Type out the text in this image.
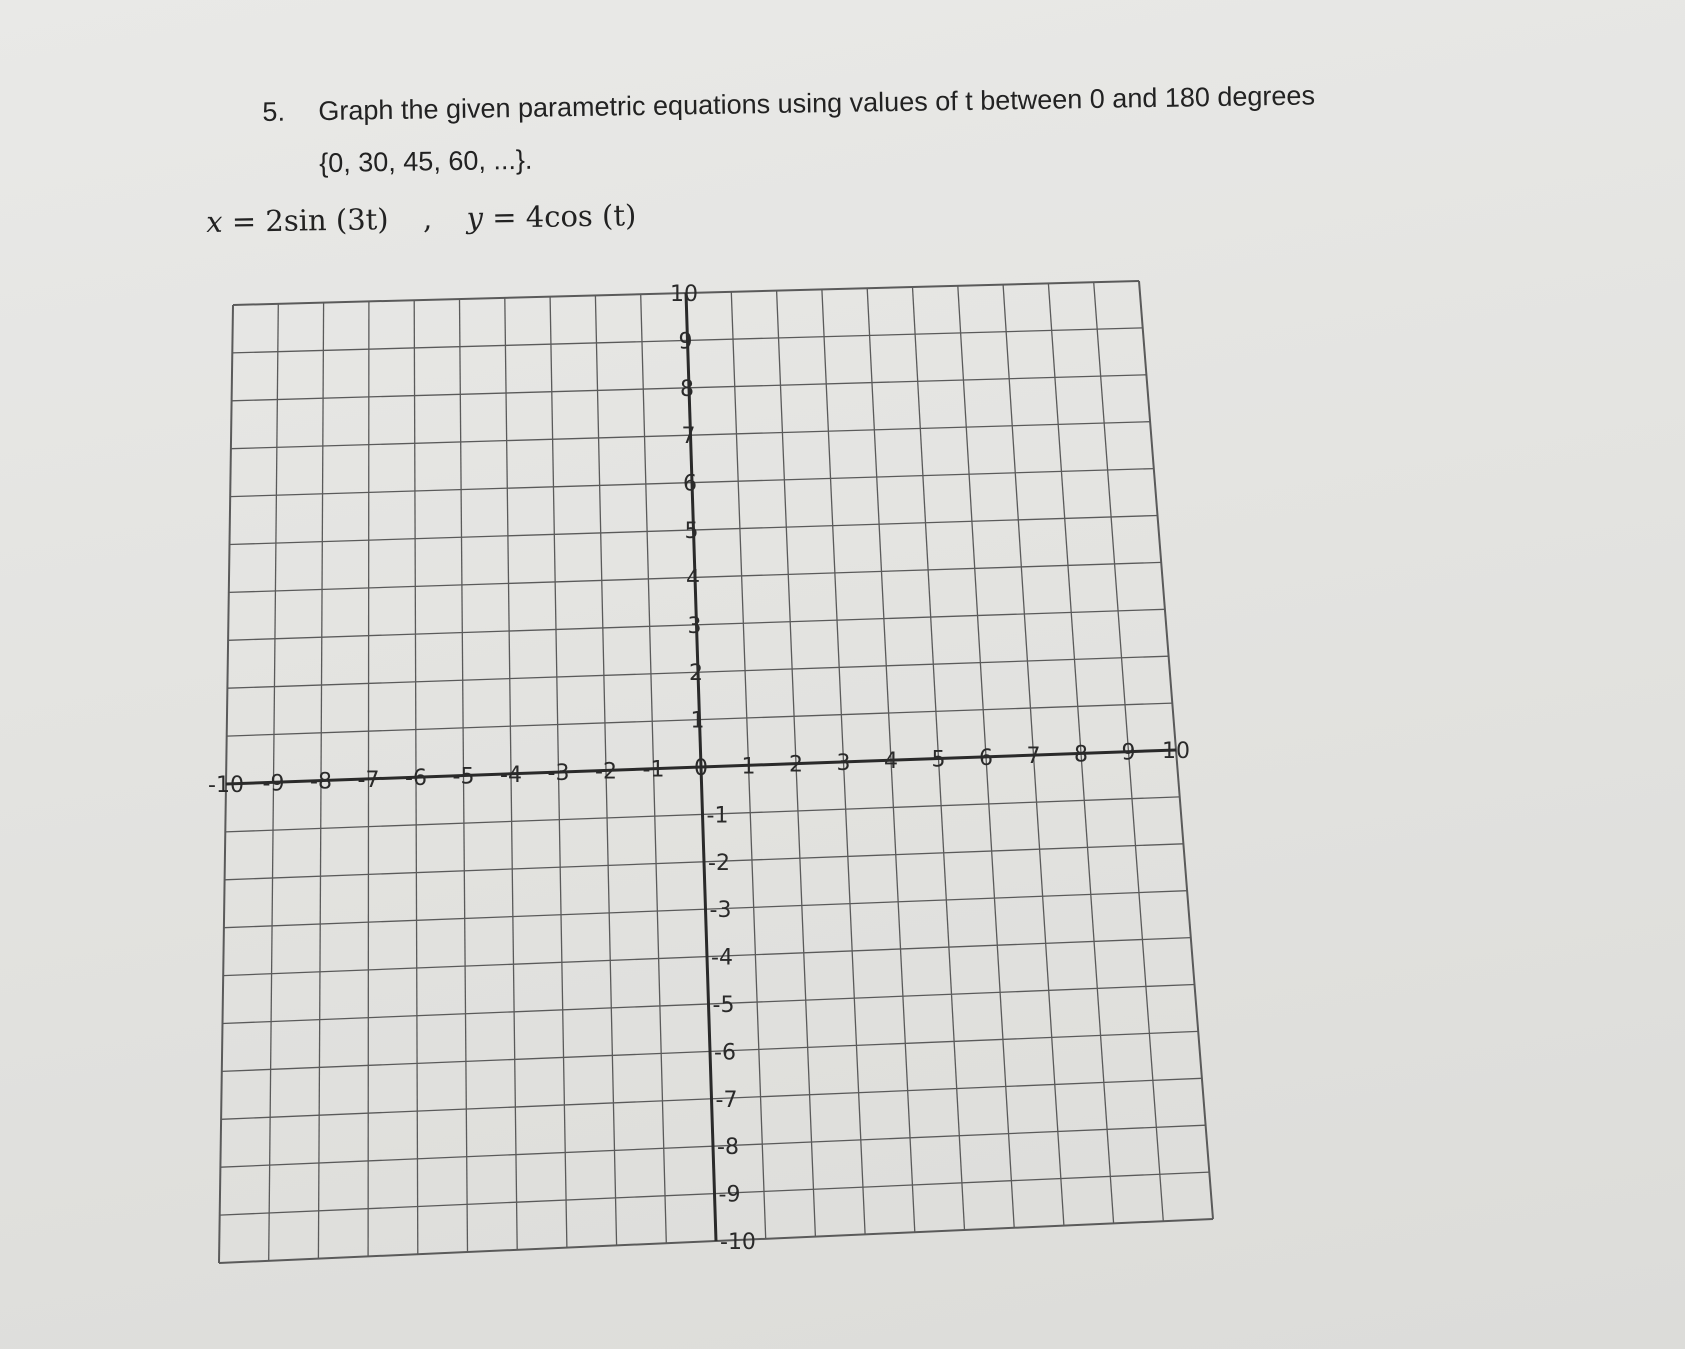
5. Graph the given parametric equations using values of t between 0 and 180 degrees
{0, 30, 45, 60, ...}.
x = 2sin (3t) , y = 4cos (t)
-10 -9 -8 -7 -6 -5 -4 -3 -2 -1 0 1 2 3 4 5 6 7 8 9 10
10
9
8
7
6
5
4
3
2
1
-1
-2
-3
-4
-5
-6
-7
-8
-9
-10
